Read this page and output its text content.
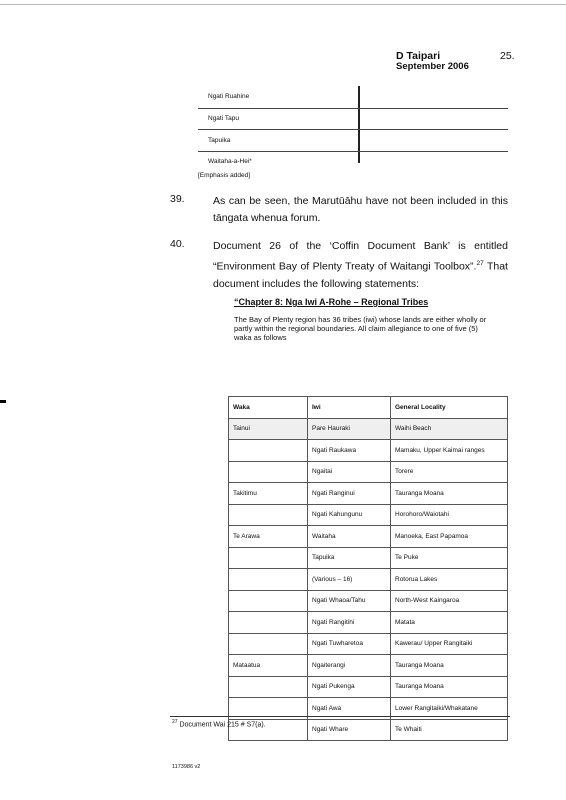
D Taipari	25.
September 2006
Ngati Ruahine
Ngati Tapu
Tapuika
Waitaha-a-Hei*
[Emphasis added]
39.	As can be seen, the Marutūāhu have not been included in this tāngata whenua forum.
40.	Document 26 of the ‘Coffin Document Bank’ is entitled “Environment Bay of Plenty Treaty of Waitangi Toolbox”.$^{27}$ That document includes the following statements:
“Chapter 8: Nga Iwi A-Rohe – Regional Tribes
The Bay of Plenty region has 36 tribes (iwi) whose lands are either wholly or partly within the regional boundaries. All claim allegiance to one of five (5) waka as follows
Waka	Iwi	General Locality
Tainui	Pare Hauraki	Waihi Beach
	Ngati Raukawa	Mamaku, Upper Kaimai ranges
	Ngaitai	Torere
Takitimu	Ngati Ranginui	Tauranga Moana
	Ngati Kahungunu	Horohoro/Waiotahi
Te Arawa	Waitaha	Manoeka, East Papamoa
	Tapuika	Te Puke
	(Various – 16)	Rotorua Lakes
	Ngati Whaoa/Tahu	North-West Kaingaroa
	Ngati Rangitihi	Matata
	Ngati Tuwharetoa	Kawerau/ Upper Rangitaiki
Mataatua	Ngaiterangi	Tauranga Moana
	Ngati Pukenga	Tauranga Moana
	Ngati Awa	Lower Rangitaiki/Whakatane
	Ngati Whare	Te Whaiti
$^{27}$ Document Wai 215 # S7(a).
1173986 v2
